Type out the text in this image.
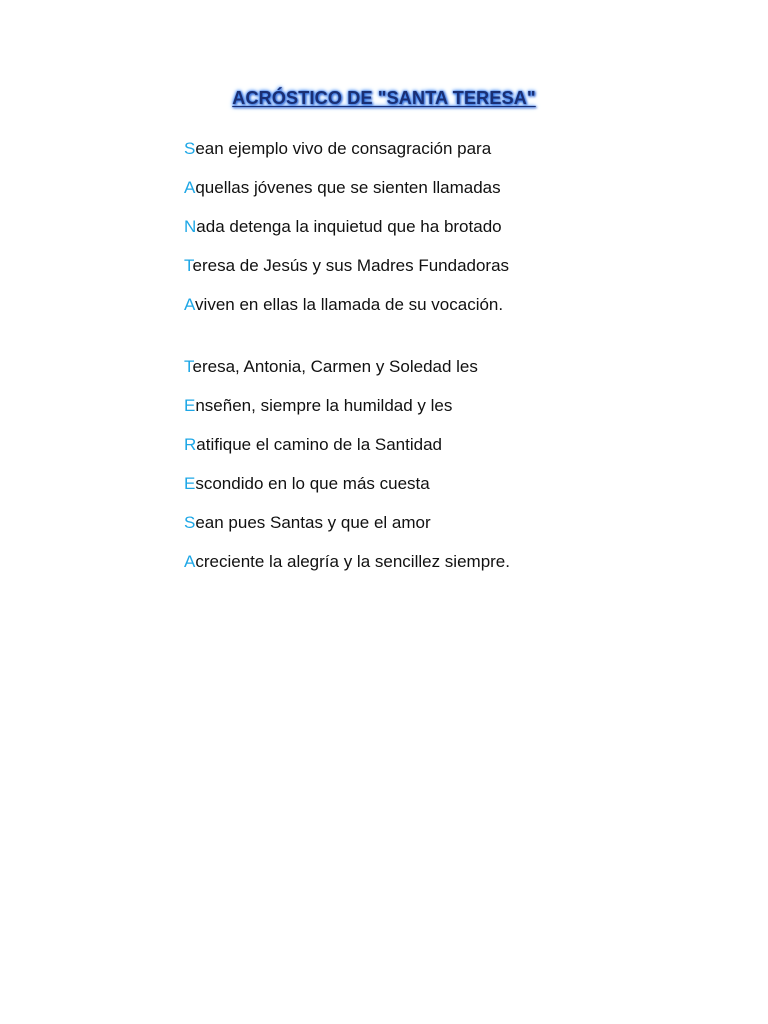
ACRÓSTICO DE "SANTA TERESA"
Sean ejemplo vivo de consagración para
Aquellas jóvenes que se sienten llamadas
Nada detenga la inquietud que ha brotado
Teresa de Jesús y sus Madres Fundadoras
Aviven en ellas la llamada de su vocación.
Teresa, Antonia, Carmen y Soledad les
Enseñen, siempre la humildad y les
Ratifique el camino de la Santidad
Escondido en lo que más cuesta
Sean pues Santas y que el amor
Acreciente la alegría y la sencillez siempre.
